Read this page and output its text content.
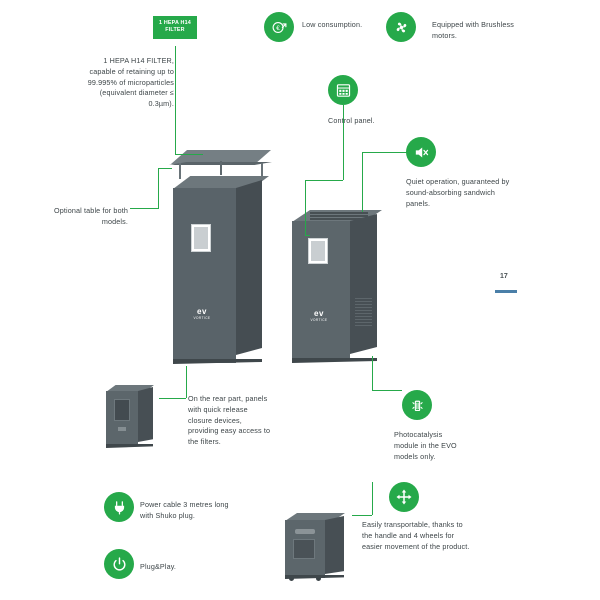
ev
VORTICE	ev
VORTICE
€	Low consumption.	Equipped with Brushless motors.
Control panel.
Quiet operation, guaranteed by sound-absorbing sandwich panels.
Photocatalysis module in the EVO models only.
Easily transportable, thanks to the handle and 4 wheels for easier movement of the product.
Power cable 3 metres long with Shuko plug.
Plug&Play.
1 HEPA H14
FILTER
1 HEPA H14 FILTER, capable of retaining up to 99.995% of microparticles (equivalent diameter ≤ 0.3µm).
Optional table for both models.
On the rear part, panels with quick release closure devices, providing easy access to the filters.
17
